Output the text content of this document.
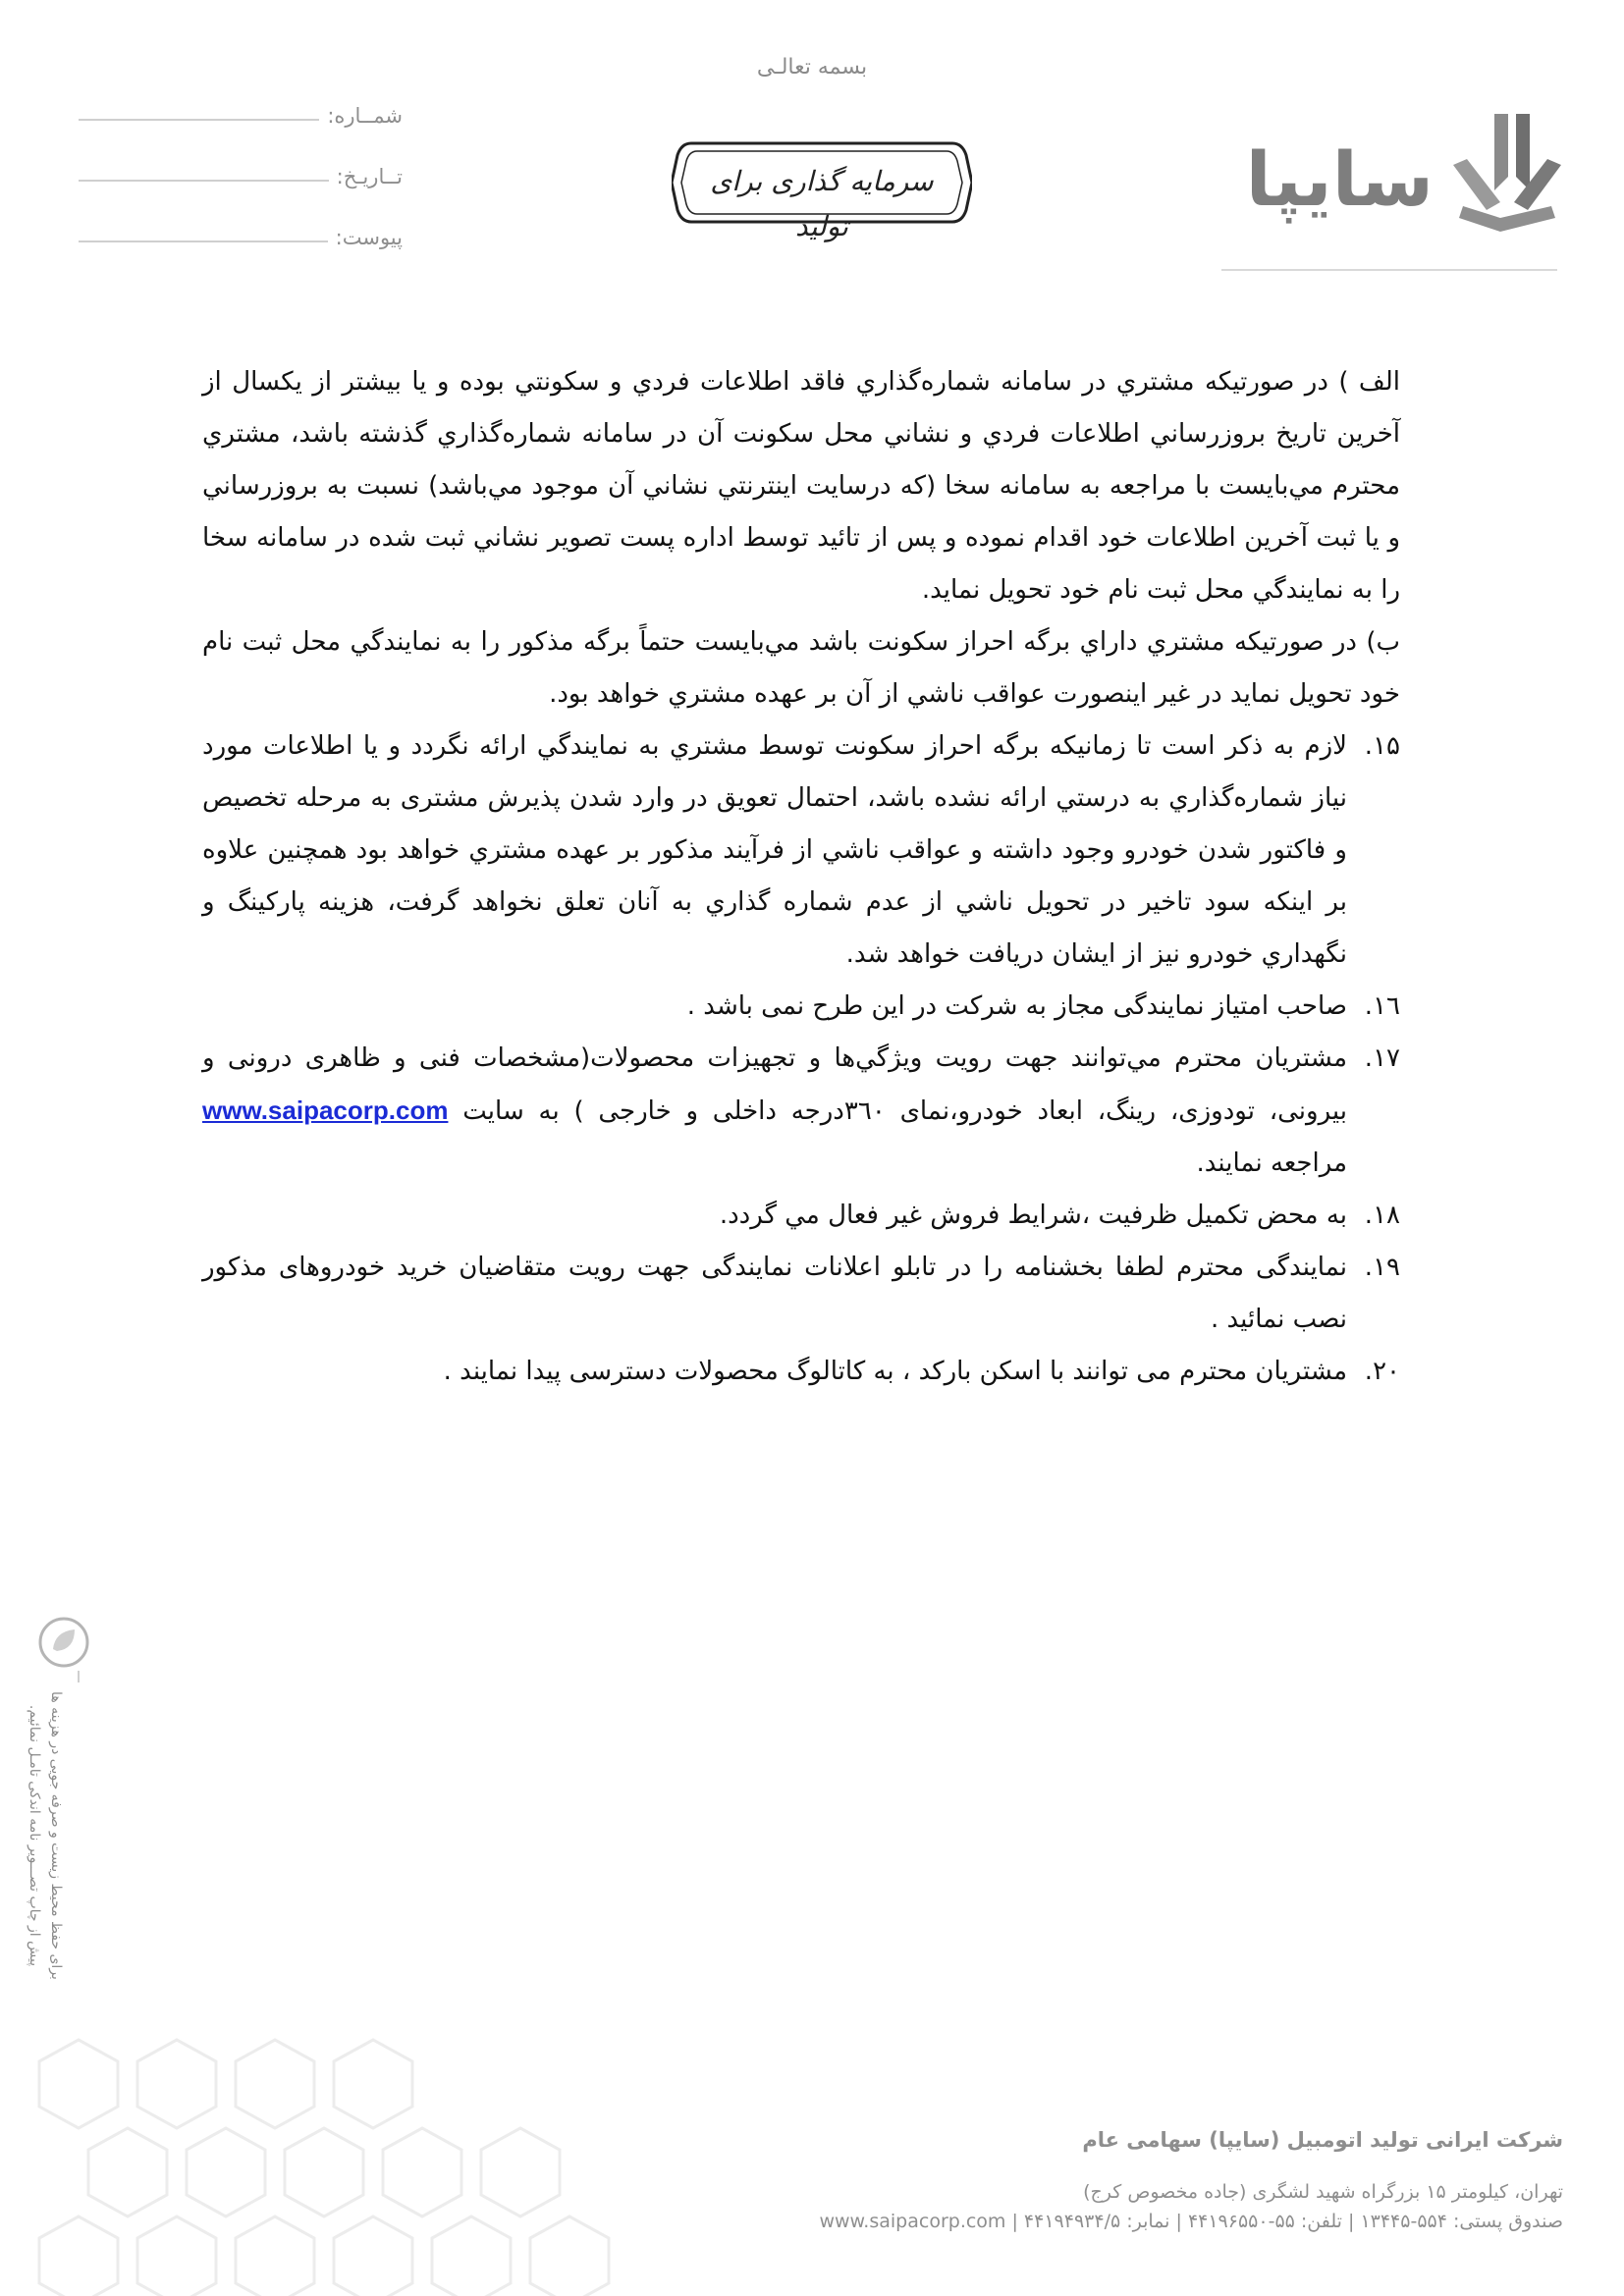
بسمه تعالـی
شمــاره:
تــاریـخ:
پیوست:
سرمایه گذاری برای تولید
سایپا

الف ) در صورتیکه مشتري در سامانه شماره‌گذاري فاقد اطلاعات فردي و سکونتي بوده و یا بیشتر از یکسال از آخرین تاریخ بروزرساني اطلاعات فردي و نشاني محل سکونت آن در سامانه شماره‌گذاري گذشته باشد، مشتري محترم مي‌بایست با مراجعه به سامانه سخا (که درسایت اینترنتي نشاني آن موجود مي‌باشد) نسبت به بروزرساني و یا ثبت آخرین اطلاعات خود اقدام نموده و پس از تائید توسط اداره پست تصویر نشاني ثبت شده در سامانه سخا را به نمایندگي محل ثبت نام خود تحویل نماید.

ب) در صورتیکه مشتري داراي برگه احراز سکونت باشد مي‌بایست حتماً برگه مذکور را به نمایندگي محل ثبت نام خود تحویل نماید در غیر اینصورت عواقب ناشي از آن بر عهده مشتري خواهد بود.

۱۵.
لازم به ذکر است تا زمانیکه برگه احراز سکونت توسط مشتري به نمایندگي ارائه نگردد و یا اطلاعات مورد نیاز شماره‌گذاري به درستي ارائه نشده باشد، احتمال تعویق در وارد شدن پذیرش مشتری به مرحله تخصیص و فاکتور شدن خودرو وجود داشته و عواقب ناشي از فرآیند مذکور بر عهده مشتري خواهد بود همچنین علاوه بر اینکه سود تاخیر در تحویل ناشي از عدم شماره گذاري به آنان تعلق نخواهد گرفت، هزینه پارکینگ و نگهداري خودرو نیز از ایشان دریافت خواهد شد.
١٦.
صاحب امتیاز نمایندگی مجاز به شرکت در این طرح نمی باشد .
۱۷.
مشتریان محترم مي‌توانند جهت رویت ویژگي‌ها و تجهیزات محصولات(مشخصات فنی و ظاهری درونی و بیرونی، تودوزی، رینگ، ابعاد خودرو،نمای ۳٦۰درجه داخلی و خارجی ) به سایت www.saipacorp.com مراجعه نمایند.
۱۸.
به محض تکمیل ظرفیت ،شرایط فروش غیر فعال مي گردد.
۱۹.
نمایندگی محترم لطفا بخشنامه را در تابلو اعلانات نمایندگی جهت رویت متقاضیان خرید خودروهای مذکور نصب نمائید .
۲۰.
مشتریان محترم می توانند با اسکن بارکد ، به کاتالوگ محصولات دسترسی پیدا نمایند .
برای حفظ محیط زیست و صرفه جویی در هزینه ها پیش از چاپ تصـــویر نامه اندکی تامـل نمائیم.
شرکت ایرانی تولید اتومبیل (سایپا) سهامی عام
تهران، کیلومتر ۱۵ بزرگراه شهید لشگری (جاده مخصوص کرج)
صندوق پستی: ۵۵۴-۱۳۴۴۵ | تلفن: ۵۵-۴۴۱۹۶۵۵۰ | نمابر: ۴۴۱۹۴۹۳۴/۵ | www.saipacorp.com
